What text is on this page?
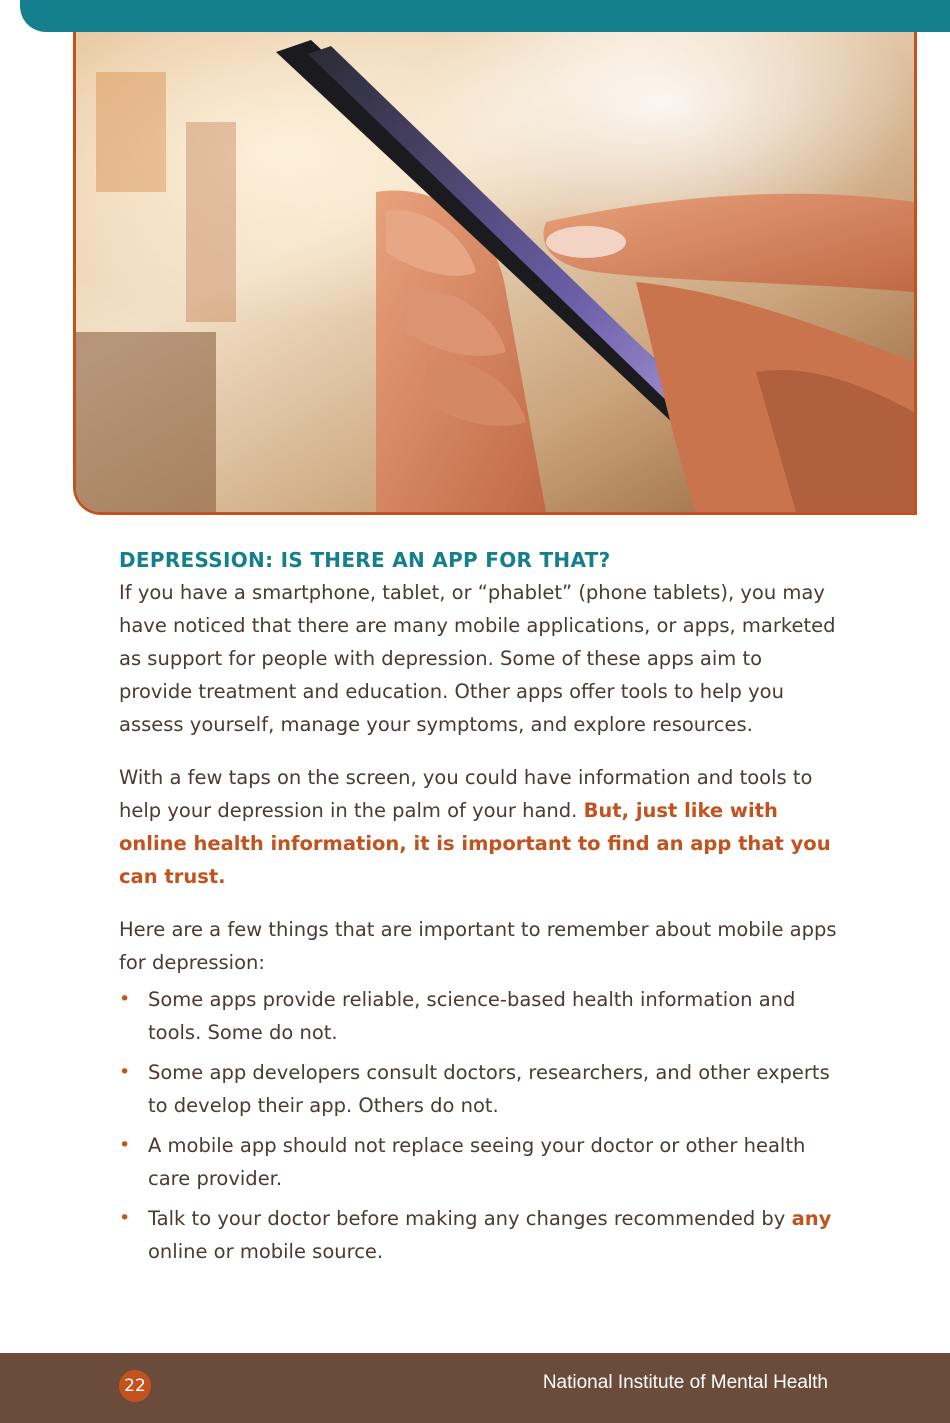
DEPRESSION: IS THERE AN APP FOR THAT?

If you have a smartphone, tablet, or “phablet” (phone tablets), you may have noticed that there are many mobile applications, or apps, marketed as support for people with depression. Some of these apps aim to provide treatment and education. Other apps offer tools to help you assess yourself, manage your symptoms, and explore resources.

With a few taps on the screen, you could have information and tools to help your depression in the palm of your hand. But, just like with online health information, it is important to find an app that you can trust.

Here are a few things that are important to remember about mobile apps for depression:

• Some apps provide reliable, science-based health information and tools. Some do not.
• Some app developers consult doctors, researchers, and other experts to develop their app. Others do not.
• A mobile app should not replace seeing your doctor or other health care provider.
• Talk to your doctor before making any changes recommended by any online or mobile source.
22	National Institute of Mental Health
